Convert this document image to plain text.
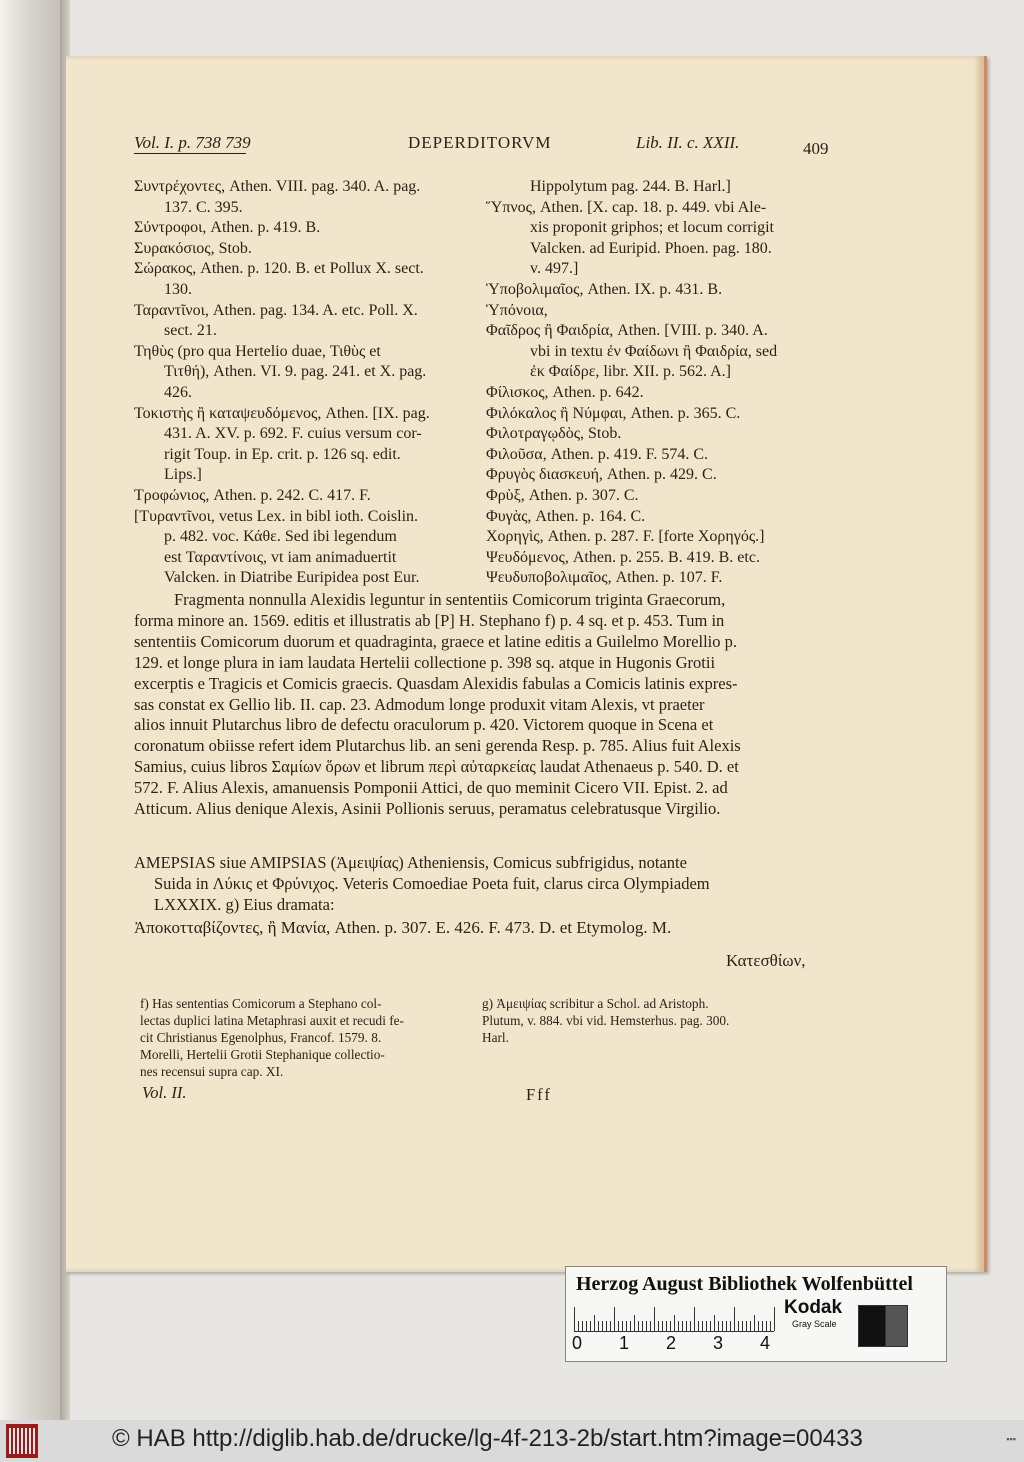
Vol. I. p. 738 739	DEPERDITORVM	Lib. II. c. XXII.	409
Συντρέχοντες, Athen. VIII. pag. 340. A. pag.
137. C. 395.
Σύντροφοι, Athen. p. 419. B.
Συρακόσιος, Stob.
Σώρακος, Athen. p. 120. B. et Pollux X. sect.
130.
Ταραντῖνοι, Athen. pag. 134. A. etc. Poll. X.
sect. 21.
Τηθὺς (pro qua Hertelio duae, Τιθὺς et
Τιτθή), Athen. VI. 9. pag. 241. et X. pag.
426.
Τοκιστὴς ἢ καταψευδόμενος, Athen. [IX. pag.
431. A. XV. p. 692. F. cuius versum cor-
rigit Toup. in Ep. crit. p. 126 sq. edit.
Lips.]
Τροφώνιος, Athen. p. 242. C. 417. F.
[Τυραντῖνοι, vetus Lex. in bibl ioth. Coislin.
p. 482. voc. Κάθε. Sed ibi legendum
est Ταραντίνοις, vt iam animaduertit
Valcken. in Diatribe Euripidea post Eur.
Hippolytum pag. 244. B. Harl.]
Ὕπνος, Athen. [X. cap. 18. p. 449. vbi Ale-
xis proponit griphos; et locum corrigit
Valcken. ad Euripid. Phoen. pag. 180.
v. 497.]
Ὑποβολιμαῖος, Athen. IX. p. 431. B.
Ὑπόνοια,
Φαῖδρος ἢ Φαιδρία, Athen. [VIII. p. 340. A.
vbi in textu ἐν Φαίδωνι ἢ Φαιδρία, sed
ἐκ Φαίδρε, libr. XII. p. 562. A.]
Φίλισκος, Athen. p. 642.
Φιλόκαλος ἢ Νύμφαι, Athen. p. 365. C.
Φιλοτραγῳδὸς, Stob.
Φιλοῦσα, Athen. p. 419. F. 574. C.
Φρυγὸς διασκευή, Athen. p. 429. C.
Φρὺξ, Athen. p. 307. C.
Φυγὰς, Athen. p. 164. C.
Χορηγὶς, Athen. p. 287. F. [forte Χορηγός.]
Ψευδόμενος, Athen. p. 255. B. 419. B. etc.
Ψευδυποβολιμαῖος, Athen. p. 107. F.
Fragmenta nonnulla Alexidis leguntur in sententiis Comicorum triginta Graecorum,
forma minore an. 1569. editis et illustratis ab [P] H. Stephano f) p. 4 sq. et p. 453. Tum in
sententiis Comicorum duorum et quadraginta, graece et latine editis a Guilelmo Morellio p.
129. et longe plura in iam laudata Hertelii collectione p. 398 sq. atque in Hugonis Grotii
excerptis e Tragicis et Comicis graecis. Quasdam Alexidis fabulas a Comicis latinis expres-
sas constat ex Gellio lib. II. cap. 23. Admodum longe produxit vitam Alexis, vt praeter
alios innuit Plutarchus libro de defectu oraculorum p. 420. Victorem quoque in Scena et
coronatum obiisse refert idem Plutarchus lib. an seni gerenda Resp. p. 785. Alius fuit Alexis
Samius, cuius libros Σαμίων ὅρων et librum περὶ αὐταρκείας laudat Athenaeus p. 540. D. et
572. F. Alius Alexis, amanuensis Pomponii Attici, de quo meminit Cicero VII. Epist. 2. ad
Atticum. Alius denique Alexis, Asinii Pollionis seruus, peramatus celebratusque Virgilio.
AMEPSIAS siue AMIPSIAS (Ἀμειψίας) Atheniensis, Comicus subfrigidus, notante
Suida in Λύκις et Φρύνιχος. Veteris Comoediae Poeta fuit, clarus circa Olympiadem
LXXXIX. g) Eius dramata:
Ἀποκοτταβίζοντες, ἢ Μανία, Athen. p. 307. E. 426. F. 473. D. et Etymolog. M.
Κατεσθίων,
f) Has sententias Comicorum a Stephano col-
lectas duplici latina Metaphrasi auxit et recudi fe-
cit Christianus Egenolphus, Francof. 1579. 8.
Morelli, Hertelii Grotii Stephanique collectio-
nes recensui supra cap. XI.
g) Ἀμειψίας scribitur a Schol. ad Aristoph.
Plutum, v. 884. vbi vid. Hemsterhus. pag. 300.
Harl.
Vol. II.	Fff
Herzog August Bibliothek Wolfenbüttel
0 1 2 3 4
Kodak
Gray Scale
© HAB http://diglib.hab.de/drucke/lg-4f-213-2b/start.htm?image=00433	▪▪▪
